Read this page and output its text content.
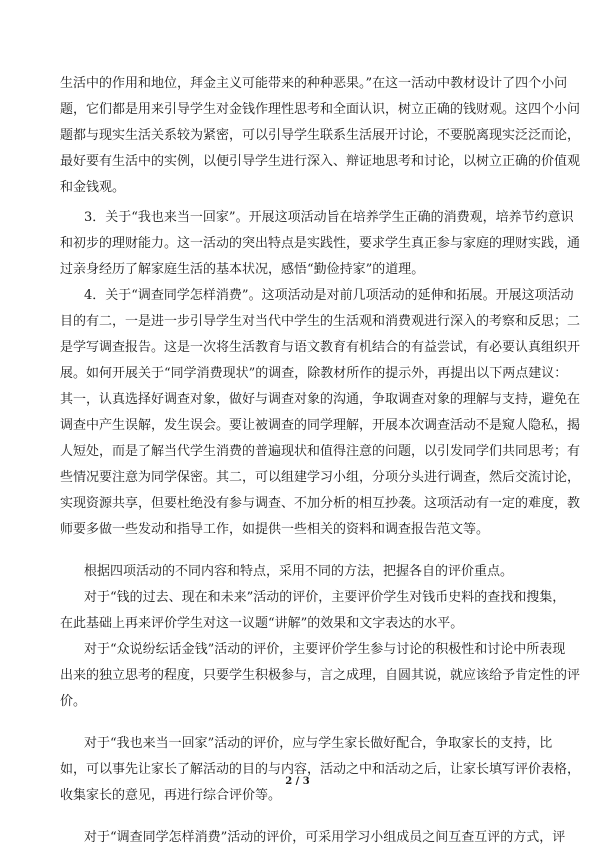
生活中的作用和地位，拜金主义可能带来的种种恶果。”在这一活动中教材设计了四个小问
题，它们都是用来引导学生对金钱作理性思考和全面认识，树立正确的钱财观。这四个小问
题都与现实生活关系较为紧密，可以引导学生联系生活展开讨论，不要脱离现实泛泛而论，
最好要有生活中的实例，以便引导学生进行深入、辩证地思考和讨论，以树立正确的价值观
和金钱观。
3．关于“我也来当一回家”。开展这项活动旨在培养学生正确的消费观，培养节约意识
和初步的理财能力。这一活动的突出特点是实践性，要求学生真正参与家庭的理财实践，通
过亲身经历了解家庭生活的基本状况，感悟“勤俭持家”的道理。
4．关于“调查同学怎样消费”。这项活动是对前几项活动的延伸和拓展。开展这项活动
目的有二，一是进一步引导学生对当代中学生的生活观和消费观进行深入的考察和反思；二
是学写调查报告。这是一次将生活教育与语文教育有机结合的有益尝试，有必要认真组织开
展。如何开展关于“同学消费现状”的调查，除教材所作的提示外，再提出以下两点建议：
其一，认真选择好调查对象，做好与调查对象的沟通，争取调查对象的理解与支持，避免在
调查中产生误解，发生误会。要让被调查的同学理解，开展本次调查活动不是窥人隐私，揭
人短处，而是了解当代学生消费的普遍现状和值得注意的问题，以引发同学们共同思考；有
些情况要注意为同学保密。其二，可以组建学习小组，分项分头进行调查，然后交流讨论，
实现资源共享，但要杜绝没有参与调查、不加分析的相互抄袭。这项活动有一定的难度，教
师要多做一些发动和指导工作，如提供一些相关的资料和调查报告范文等。
根据四项活动的不同内容和特点，采用不同的方法，把握各自的评价重点。
对于“钱的过去、现在和未来”活动的评价，主要评价学生对钱币史料的查找和搜集，
在此基础上再来评价学生对这一议题“讲解”的效果和文字表达的水平。
对于“众说纷纭话金钱”活动的评价，主要评价学生参与讨论的积极性和讨论中所表现
出来的独立思考的程度，只要学生积极参与，言之成理，自圆其说，就应该给予肯定性的评
价。
对于“我也来当一回家”活动的评价，应与学生家长做好配合，争取家长的支持，比
如，可以事先让家长了解活动的目的与内容，活动之中和活动之后，让家长填写评价表格，
收集家长的意见，再进行综合评价等。
对于“调查同学怎样消费”活动的评价，可采用学习小组成员之间互查互评的方式，评
2 / 3
